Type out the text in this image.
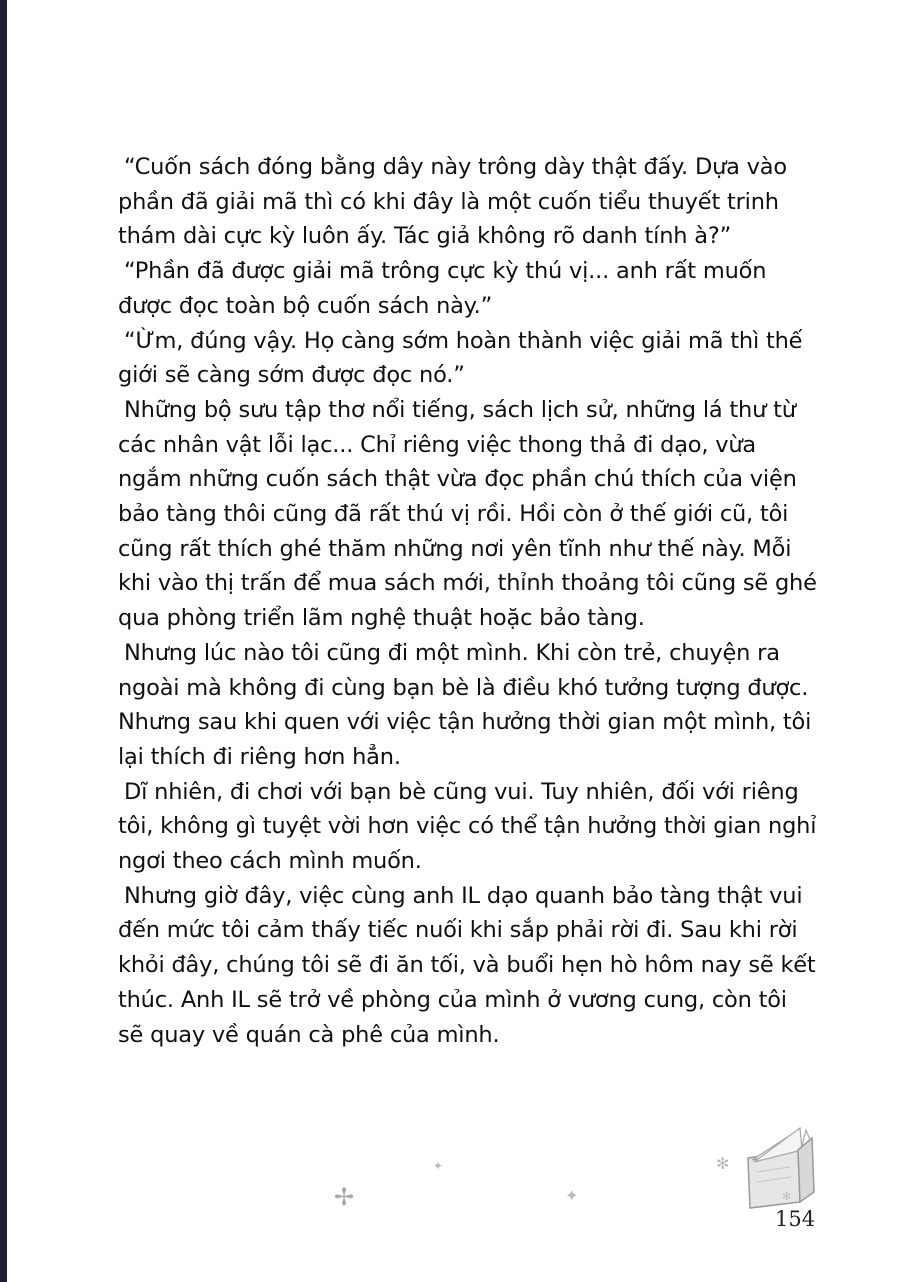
“Cuốn sách đóng bằng dây này trông dày thật đấy. Dựa vào phần đã giải mã thì có khi đây là một cuốn tiểu thuyết trinh thám dài cực kỳ luôn ấy. Tác giả không rõ danh tính à?”

“Phần đã được giải mã trông cực kỳ thú vị... anh rất muốn được đọc toàn bộ cuốn sách này.”

“Ừm, đúng vậy. Họ càng sớm hoàn thành việc giải mã thì thế giới sẽ càng sớm được đọc nó.”

Những bộ sưu tập thơ nổi tiếng, sách lịch sử, những lá thư từ các nhân vật lỗi lạc... Chỉ riêng việc thong thả đi dạo, vừa ngắm những cuốn sách thật vừa đọc phần chú thích của viện bảo tàng thôi cũng đã rất thú vị rồi. Hồi còn ở thế giới cũ, tôi cũng rất thích ghé thăm những nơi yên tĩnh như thế này. Mỗi khi vào thị trấn để mua sách mới, thỉnh thoảng tôi cũng sẽ ghé qua phòng triển lãm nghệ thuật hoặc bảo tàng.

Nhưng lúc nào tôi cũng đi một mình. Khi còn trẻ, chuyện ra ngoài mà không đi cùng bạn bè là điều khó tưởng tượng được. Nhưng sau khi quen với việc tận hưởng thời gian một mình, tôi lại thích đi riêng hơn hẳn.

Dĩ nhiên, đi chơi với bạn bè cũng vui. Tuy nhiên, đối với riêng tôi, không gì tuyệt vời hơn việc có thể tận hưởng thời gian nghỉ ngơi theo cách mình muốn.

Nhưng giờ đây, việc cùng anh IL dạo quanh bảo tàng thật vui đến mức tôi cảm thấy tiếc nuối khi sắp phải rời đi. Sau khi rời khỏi đây, chúng tôi sẽ đi ăn tối, và buổi hẹn hò hôm nay sẽ kết thúc. Anh IL sẽ trở về phòng của mình ở vương cung, còn tôi sẽ quay về quán cà phê của mình.

✦
✢	✦
✻
✻
154
